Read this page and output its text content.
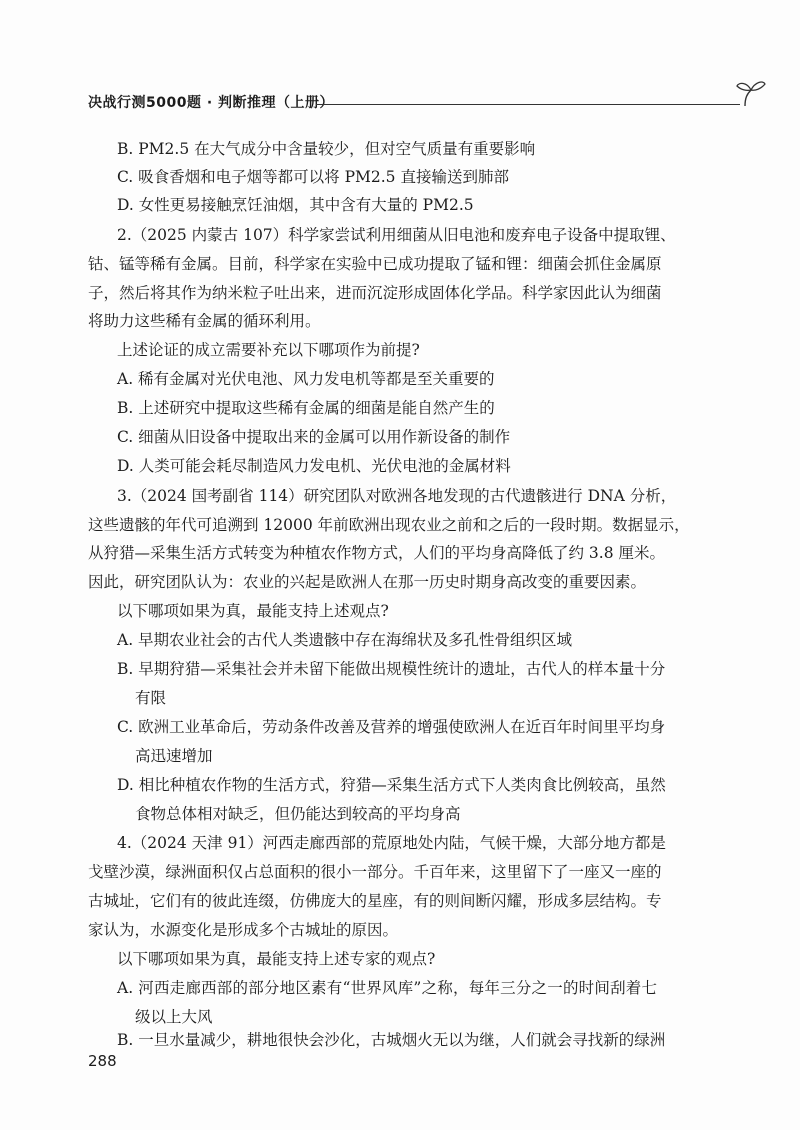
决战行测5000题 · 判断推理（上册）
B. PM2.5 在大气成分中含量较少，但对空气质量有重要影响
C. 吸食香烟和电子烟等都可以将 PM2.5 直接输送到肺部
D. 女性更易接触烹饪油烟，其中含有大量的 PM2.5
2.（2025 内蒙古 107）科学家尝试利用细菌从旧电池和废弃电子设备中提取锂、
钴、锰等稀有金属。目前，科学家在实验中已成功提取了锰和锂：细菌会抓住金属原
子，然后将其作为纳米粒子吐出来，进而沉淀形成固体化学品。科学家因此认为细菌
将助力这些稀有金属的循环利用。
上述论证的成立需要补充以下哪项作为前提?
A. 稀有金属对光伏电池、风力发电机等都是至关重要的
B. 上述研究中提取这些稀有金属的细菌是能自然产生的
C. 细菌从旧设备中提取出来的金属可以用作新设备的制作
D. 人类可能会耗尽制造风力发电机、光伏电池的金属材料
3.（2024 国考副省 114）研究团队对欧洲各地发现的古代遗骸进行 DNA 分析，
这些遗骸的年代可追溯到 12000 年前欧洲出现农业之前和之后的一段时期。数据显示，
从狩猎—采集生活方式转变为种植农作物方式，人们的平均身高降低了约 3.8 厘米。
因此，研究团队认为：农业的兴起是欧洲人在那一历史时期身高改变的重要因素。
以下哪项如果为真，最能支持上述观点?
A. 早期农业社会的古代人类遗骸中存在海绵状及多孔性骨组织区域
B. 早期狩猎—采集社会并未留下能做出规模性统计的遗址，古代人的样本量十分
有限
C. 欧洲工业革命后，劳动条件改善及营养的增强使欧洲人在近百年时间里平均身
高迅速增加
D. 相比种植农作物的生活方式，狩猎—采集生活方式下人类肉食比例较高，虽然
食物总体相对缺乏，但仍能达到较高的平均身高
4.（2024 天津 91）河西走廊西部的荒原地处内陆，气候干燥，大部分地方都是
戈壁沙漠，绿洲面积仅占总面积的很小一部分。千百年来，这里留下了一座又一座的
古城址，它们有的彼此连缀，仿佛庞大的星座，有的则间断闪耀，形成多层结构。专
家认为，水源变化是形成多个古城址的原因。
以下哪项如果为真，最能支持上述专家的观点?
A. 河西走廊西部的部分地区素有“世界风库”之称，每年三分之一的时间刮着七
级以上大风
B. 一旦水量减少，耕地很快会沙化，古城烟火无以为继，人们就会寻找新的绿洲
288
